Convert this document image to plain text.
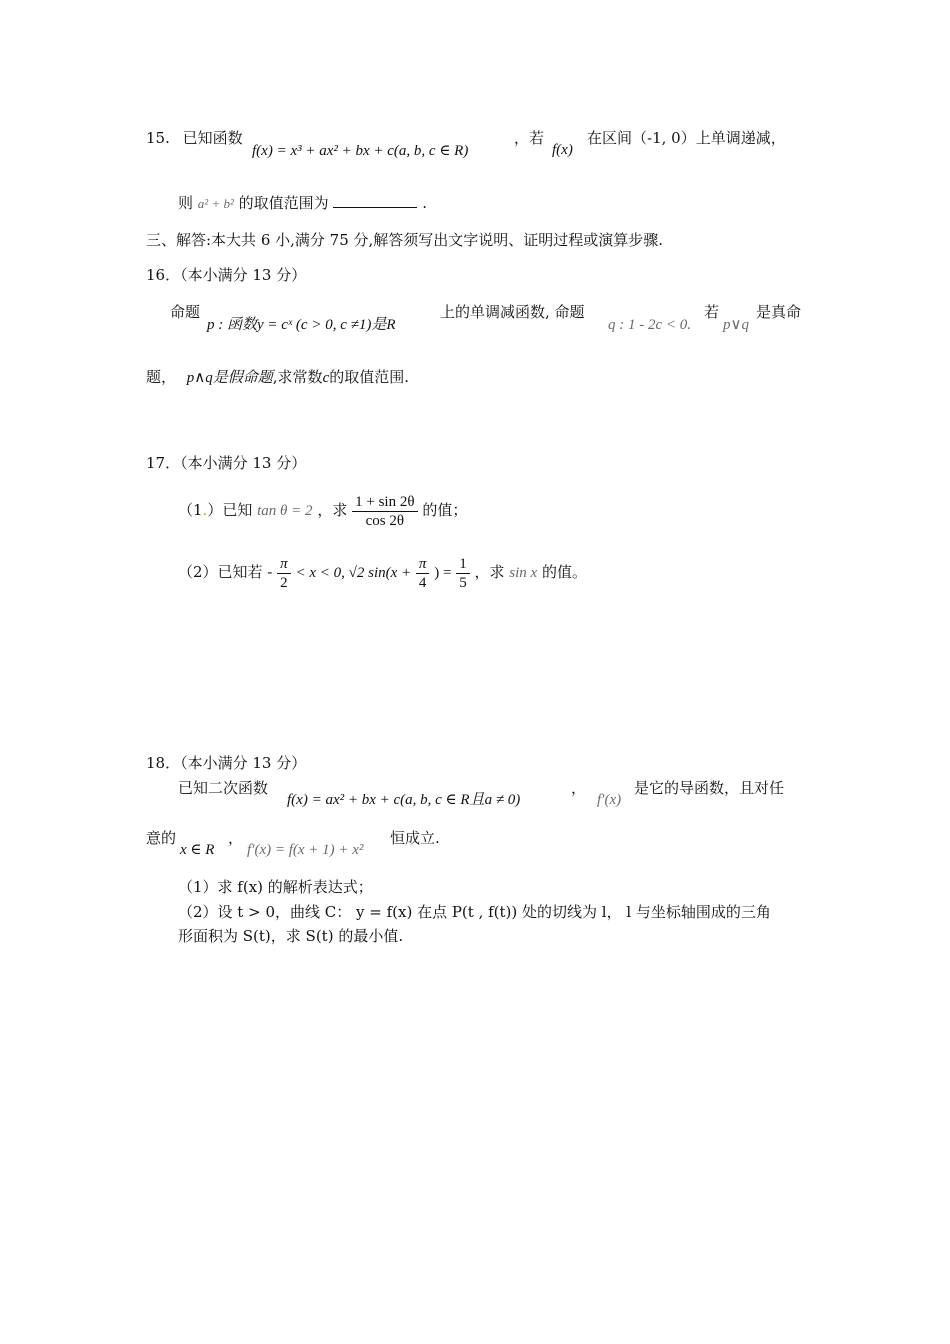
15. 已知函数
f(x) = x³ + ax² + bx + c(a, b, c ∈ R)
，若
f(x)
在区间（-1, 0）上单调递减，
则 a² + b² 的取值范围为	.
三、解答:本大共 6 小,满分 75 分,解答须写出文字说明、证明过程或演算步骤.
16．（本小满分 13 分）
命题
p : 函数y = cˣ (c > 0, c ≠1)是R
上的单调减函数, 命题
q : 1 - 2c < 0.
若
p∨q
是真命
题， p∧q是假命题,求常数c的取值范围.
17．（本小满分 13 分）
（1.）已知 tan θ = 2 ，求 $\frac{1 + \sin 2\theta}{\cos 2\theta}$ 的值；
（2）已知若 - $\frac{\pi}{2} < x < 0$, √2 $\sin(x + \frac{\pi}{4}$ ) = $\frac{1}{5}$ ，求 sin x 的值。
18．（本小满分 13 分）
已知二次函数
f(x) = ax² + bx + c(a, b, c ∈ R且a ≠ 0)
，
f′(x)
是它的导函数，且对任
意的
x ∈ R
，
f′(x) = f(x + 1) + x²
恒成立.
（1）求 f(x) 的解析表达式；
（2）设 t > 0，曲线 C： y = f(x) 在点 P(t , f(t)) 处的切线为 l， l 与坐标轴围成的三角
形面积为 S(t)，求 S(t) 的最小值.
